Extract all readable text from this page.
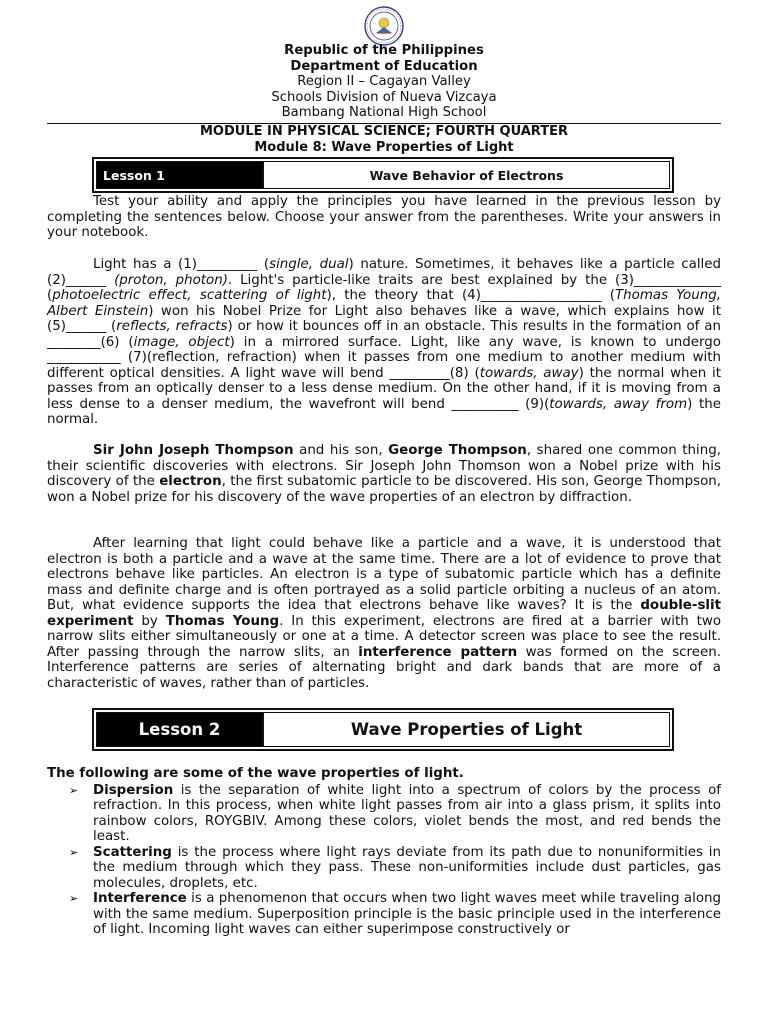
Republic of the Philippines
Department of Education
Region II – Cagayan Valley
Schools Division of Nueva Vizcaya
Bambang National High School
MODULE IN PHYSICAL SCIENCE; FOURTH QUARTER
Module 8: Wave Properties of Light
Lesson 1	Wave Behavior of Electrons
Test your ability and apply the principles you have learned in the previous lesson by completing the sentences below. Choose your answer from the parentheses. Write your answers in your notebook.
Light has a (1)_________ (single, dual) nature. Sometimes, it behaves like a particle called (2)______ (proton, photon). Light's particle-like traits are best explained by the (3)_____________ (photoelectric effect, scattering of light), the theory that (4)__________________ (Thomas Young, Albert Einstein) won his Nobel Prize for Light also behaves like a wave, which explains how it (5)______ (reflects, refracts) or how it bounces off in an obstacle. This results in the formation of an ________(6) (image, object) in a mirrored surface. Light, like any wave, is known to undergo ___________ (7)(reflection, refraction) when it passes from one medium to another medium with different optical densities. A light wave will bend _________(8) (towards, away) the normal when it passes from an optically denser to a less dense medium. On the other hand, if it is moving from a less dense to a denser medium, the wavefront will bend __________ (9)(towards, away from) the normal.
Sir John Joseph Thompson and his son, George Thompson, shared one common thing, their scientific discoveries with electrons. Sir Joseph John Thomson won a Nobel prize with his discovery of the electron, the first subatomic particle to be discovered. His son, George Thompson, won a Nobel prize for his discovery of the wave properties of an electron by diffraction.
After learning that light could behave like a particle and a wave, it is understood that electron is both a particle and a wave at the same time. There are a lot of evidence to prove that electrons behave like particles. An electron is a type of subatomic particle which has a definite mass and definite charge and is often portrayed as a solid particle orbiting a nucleus of an atom. But, what evidence supports the idea that electrons behave like waves? It is the double-slit experiment by Thomas Young. In this experiment, electrons are fired at a barrier with two narrow slits either simultaneously or one at a time. A detector screen was place to see the result. After passing through the narrow slits, an interference pattern was formed on the screen. Interference patterns are series of alternating bright and dark bands that are more of a characteristic of waves, rather than of particles.
Lesson 2	Wave Properties of Light
The following are some of the wave properties of light.
➢ Dispersion is the separation of white light into a spectrum of colors by the process of refraction. In this process, when white light passes from air into a glass prism, it splits into rainbow colors, ROYGBIV. Among these colors, violet bends the most, and red bends the least.
➢ Scattering is the process where light rays deviate from its path due to nonuniformities in the medium through which they pass. These non-uniformities include dust particles, gas molecules, droplets, etc.
➢ Interference is a phenomenon that occurs when two light waves meet while traveling along with the same medium. Superposition principle is the basic principle used in the interference of light. Incoming light waves can either superimpose constructively or
